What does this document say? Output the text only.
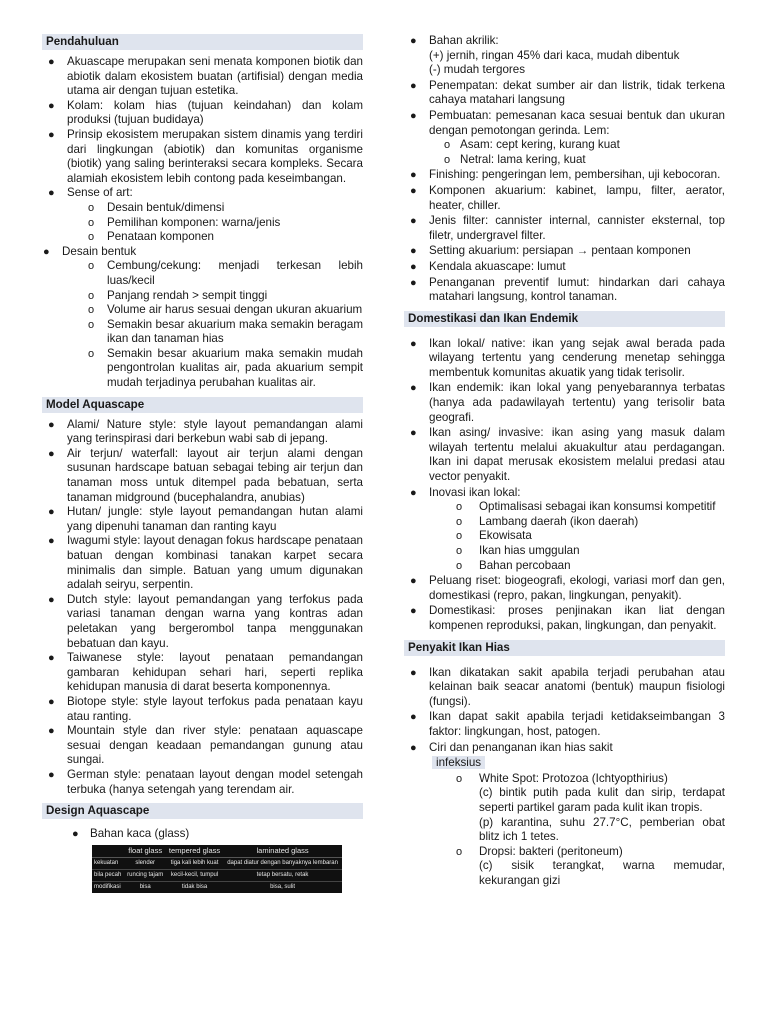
Pendahuluan
● Akuascape merupakan seni menata komponen biotik dan abiotik dalam ekosistem buatan (artifisial) dengan media utama air dengan tujuan estetika.
● Kolam: kolam hias (tujuan keindahan) dan kolam produksi (tujuan budidaya)
● Prinsip ekosistem merupakan sistem dinamis yang terdiri dari lingkungan (abiotik) dan komunitas organisme (biotik) yang saling berinteraksi secara kompleks. Secara alamiah ekosistem lebih contong pada keseimbangan.
● Sense of art:
o Desain bentuk/dimensi
o Pemilihan komponen: warna/jenis
o Penataan komponen
● Desain bentuk
o Cembung/cekung: menjadi terkesan lebih luas/kecil
o Panjang rendah > sempit tinggi
o Volume air harus sesuai dengan ukuran akuarium
o Semakin besar akuarium maka semakin beragam ikan dan tanaman hias
o Semakin besar akuarium maka semakin mudah pengontrolan kualitas air, pada akuarium sempit mudah terjadinya perubahan kualitas air.
Model Aquascape
● Alami/ Nature style: style layout pemandangan alami yang terinspirasi dari berkebun wabi sab di jepang.
● Air terjun/ waterfall: layout air terjun alami dengan susunan hardscape batuan sebagai tebing air terjun dan tanaman moss untuk ditempel pada bebatuan, serta tanaman midground (bucephalandra, anubias)
● Hutan/ jungle: style layout pemandangan hutan alami yang dipenuhi tanaman dan ranting kayu
● Iwagumi style: layout denagan fokus hardscape penataan batuan dengan kombinasi tanakan karpet secara minimalis dan simple. Batuan yang umum digunakan adalah seiryu, serpentin.
● Dutch style: layout pemandangan yang terfokus pada variasi tanaman dengan warna yang kontras adan peletakan yang bergerombol tanpa menggunakan bebatuan dan kayu.
● Taiwanese style: layout penataan pemandangan gambaran kehidupan sehari hari, seperti replika kehidupan manusia di darat beserta komponennya.
● Biotope style: style layout terfokus pada penataan kayu atau ranting.
● Mountain style dan river style: penataan aquascape sesuai dengan keadaan pemandangan gunung atau sungai.
● German style: penataan layout dengan model setengah terbuka (hanya setengah yang terendam air.
Design Aquascape
● Bahan kaca (glass)
	float glass	tempered glass	laminated glass
kekuatan	slender	tiga kali lebih kuat	dapat diatur dengan banyaknya lembaran
bila pecah	runcing tajam	kecil-kecil, tumpul	tetap bersatu, retak
modifikasi	bisa	tidak bisa	bisa, sulit
● Bahan akrilik:
(+) jernih, ringan 45% dari kaca, mudah dibentuk
(-) mudah tergores
● Penempatan: dekat sumber air dan listrik, tidak terkena cahaya matahari langsung
● Pembuatan: pemesanan kaca sesuai bentuk dan ukuran dengan pemotongan gerinda. Lem:
o Asam: cept kering, kurang kuat
o Netral: lama kering, kuat
● Finishing: pengeringan lem, pembersihan, uji kebocoran.
● Komponen akuarium: kabinet, lampu, filter, aerator, heater, chiller.
● Jenis filter: cannister internal, cannister eksternal, top filetr, undergravel filter.
● Setting akuarium: persiapan → pentaan komponen
● Kendala akuascape: lumut
● Penanganan preventif lumut: hindarkan dari cahaya matahari langsung, kontrol tanaman.
Domestikasi dan Ikan Endemik
● Ikan lokal/ native: ikan yang sejak awal berada pada wilayang tertentu yang cenderung menetap sehingga membentuk komunitas akuatik yang tidak terisolir.
● Ikan endemik: ikan lokal yang penyebarannya terbatas (hanya ada padawilayah tertentu) yang terisolir bata geografi.
● Ikan asing/ invasive: ikan asing yang masuk dalam wilayah tertentu melalui akuakultur atau perdagangan. Ikan ini dapat merusak ekosistem melalui predasi atau vector penyakit.
● Inovasi ikan lokal:
o Optimalisasi sebagai ikan konsumsi kompetitif
o Lambang daerah (ikon daerah)
o Ekowisata
o Ikan hias umggulan
o Bahan percobaan
● Peluang riset: biogeografi, ekologi, variasi morf dan gen, domestikasi (repro, pakan, lingkungan, penyakit).
● Domestikasi: proses penjinakan ikan liat dengan kompenen reproduksi, pakan, lingkungan, dan penyakit.
Penyakit Ikan Hias
● Ikan dikatakan sakit apabila terjadi perubahan atau kelainan baik seacar anatomi (bentuk) maupun fisiologi (fungsi).
● Ikan dapat sakit apabila terjadi ketidakseimbangan 3 faktor: lingkungan, host, patogen.
● Ciri dan penanganan ikan hias sakit
infeksius
o White Spot: Protozoa (Ichtyopthirius)
(c) bintik putih pada kulit dan sirip, terdapat seperti partikel garam pada kulit ikan tropis.
(p) karantina, suhu 27.7°C, pemberian obat blitz ich 1 tetes.
o Dropsi: bakteri (peritoneum)
(c) sisik terangkat, warna memudar, kekurangan gizi
